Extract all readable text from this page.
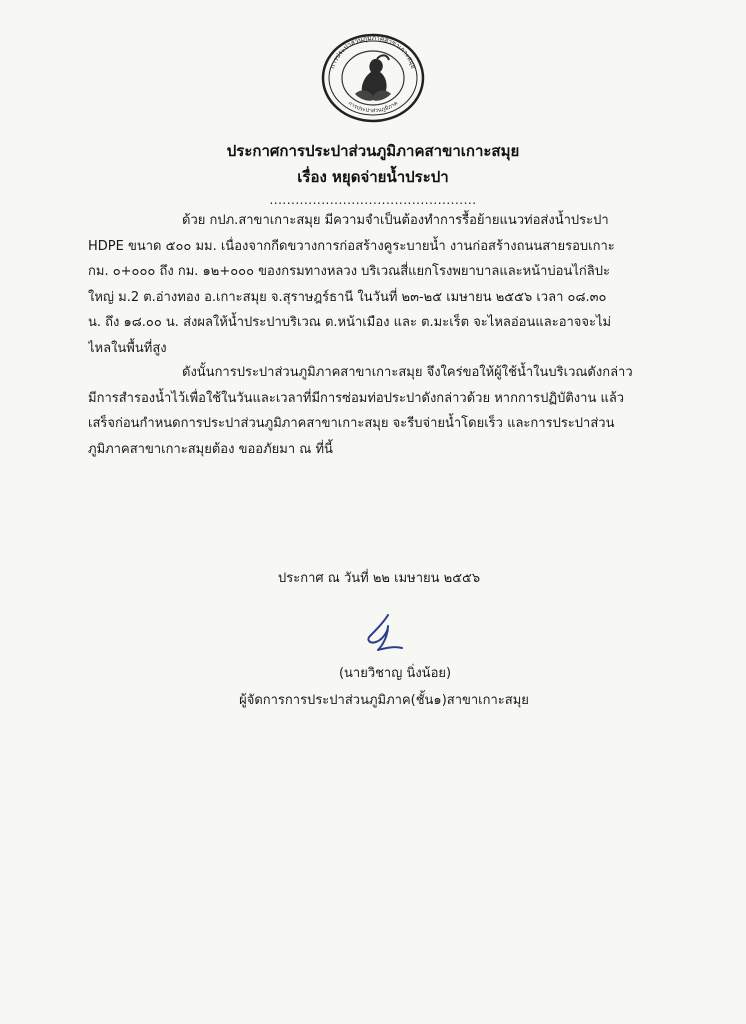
การประปาส่วนภูมิภาคสาขาเกาะสมุย
การประปาส่วนภูมิภาค
ประกาศการประปาส่วนภูมิภาคสาขาเกาะสมุย
เรื่อง หยุดจ่ายน้ำประปา
................................................
ด้วย กปภ.สาขาเกาะสมุย มีความจำเป็นต้องทำการรื้อย้ายแนวท่อส่งน้ำประปา
HDPE ขนาด ๕๐๐ มม. เนื่องจากกีดขวางการก่อสร้างคูระบายน้ำ งานก่อสร้างถนนสายรอบเกาะ
กม. ๐+๐๐๐ ถึง กม. ๑๒+๐๐๐ ของกรมทางหลวง บริเวณสี่แยกโรงพยาบาลและหน้าบ่อนไก่ลิปะ
ใหญ่ ม.2 ต.อ่างทอง อ.เกาะสมุย จ.สุราษฎร์ธานี ในวันที่ ๒๓-๒๕ เมษายน ๒๕๕๖ เวลา ๐๘.๓๐
น. ถึง ๑๘.๐๐ น. ส่งผลให้น้ำประปาบริเวณ ต.หน้าเมือง และ ต.มะเร็ต จะไหลอ่อนและอาจจะไม่
ไหลในพื้นที่สูง
ดังนั้นการประปาส่วนภูมิภาคสาขาเกาะสมุย จึงใคร่ขอให้ผู้ใช้น้ำในบริเวณดังกล่าว
มีการสำรองน้ำไว้เพื่อใช้ในวันและเวลาที่มีการซ่อมท่อประปาดังกล่าวด้วย หากการปฏิบัติงาน แล้ว
เสร็จก่อนกำหนดการประปาส่วนภูมิภาคสาขาเกาะสมุย จะรีบจ่ายน้ำโดยเร็ว และการประปาส่วน
ภูมิภาคสาขาเกาะสมุยต้อง ขออภัยมา ณ ที่นี้
ประกาศ ณ วันที่ ๒๒ เมษายน ๒๕๕๖
(นายวิชาญ นิ่งน้อย)
ผู้จัดการการประปาส่วนภูมิภาค(ชั้น๑)สาขาเกาะสมุย
